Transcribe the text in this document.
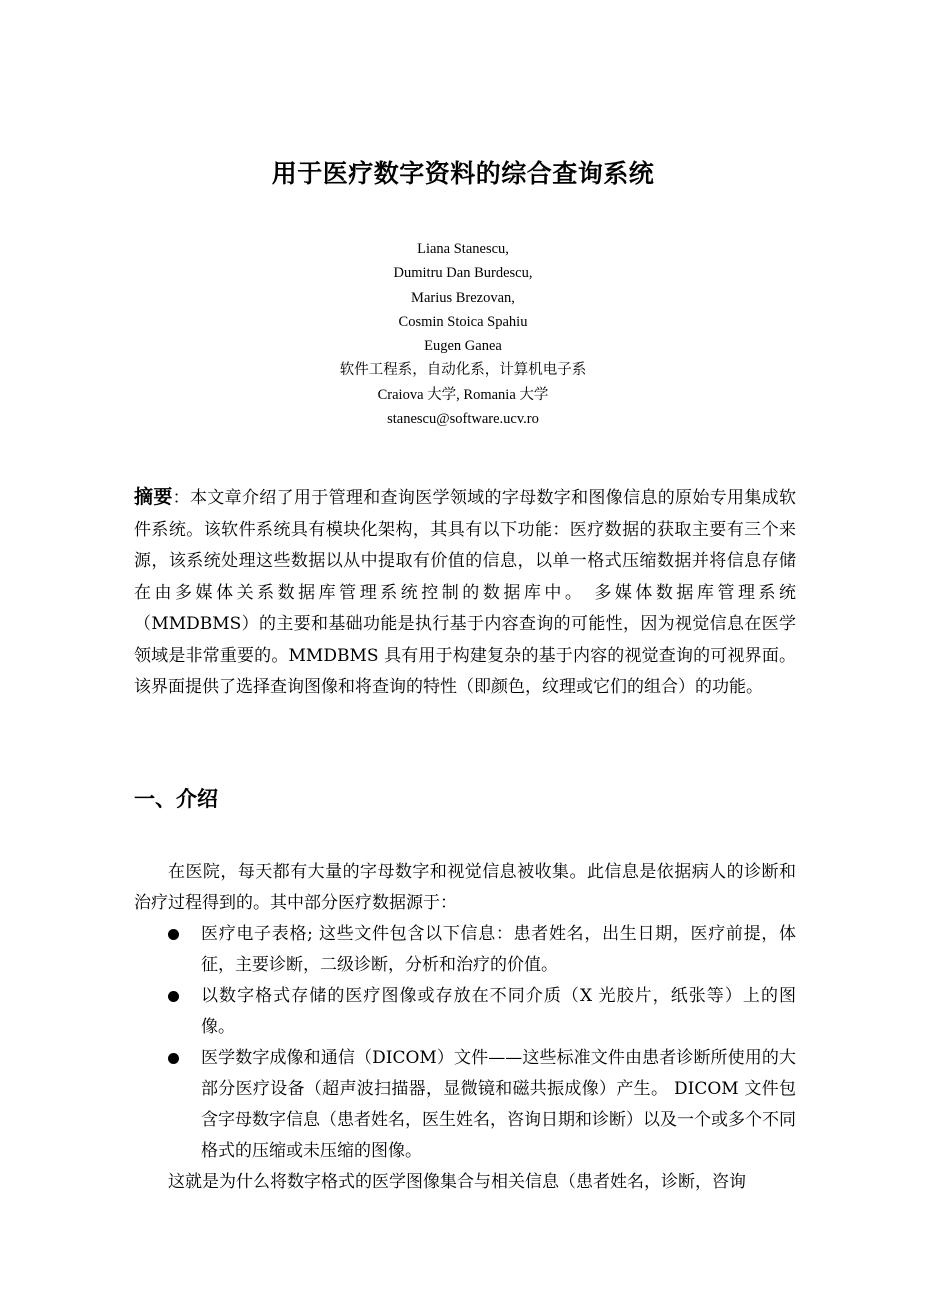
用于医疗数字资料的综合查询系统
Liana Stanescu,
Dumitru Dan Burdescu,
Marius Brezovan,
Cosmin Stoica Spahiu
Eugen Ganea
软件工程系，自动化系，计算机电子系
Craiova 大学, Romania 大学
stanescu@software.ucv.ro
摘要：本文章介绍了用于管理和查询医学领域的字母数字和图像信息的原始专用集成软件系统。该软件系统具有模块化架构，其具有以下功能：医疗数据的获取主要有三个来源，该系统处理这些数据以从中提取有价值的信息，以单一格式压缩数据并将信息存储在由多媒体关系数据库管理系统控制的数据库中。 多媒体数据库管理系统（MMDBMS）的主要和基础功能是执行基于内容查询的可能性，因为视觉信息在医学领域是非常重要的。MMDBMS 具有用于构建复杂的基于内容的视觉查询的可视界面。该界面提供了选择查询图像和将查询的特性（即颜色，纹理或它们的组合）的功能。
一、介绍

在医院，每天都有大量的字母数字和视觉信息被收集。此信息是依据病人的诊断和治疗过程得到的。其中部分医疗数据源于：

医疗电子表格; 这些文件包含以下信息：患者姓名，出生日期，医疗前提，体征，主要诊断，二级诊断，分析和治疗的价值。
以数字格式存储的医疗图像或存放在不同介质（X 光胶片，纸张等）上的图像。
医学数字成像和通信（DICOM）文件——这些标准文件由患者诊断所使用的大部分医疗设备（超声波扫描器，显微镜和磁共振成像）产生。 DICOM 文件包含字母数字信息（患者姓名，医生姓名，咨询日期和诊断）以及一个或多个不同格式的压缩或未压缩的图像。

这就是为什么将数字格式的医学图像集合与相关信息（患者姓名，诊断，咨询
